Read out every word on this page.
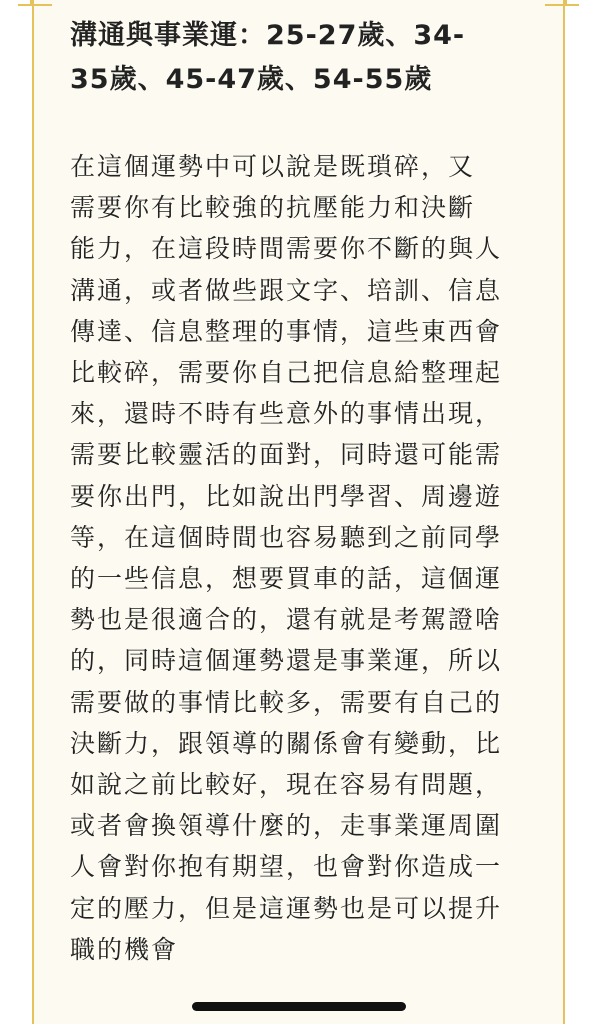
溝通與事業運：25-27歲、34-
35歲、45-47歲、54-55歲
在這個運勢中可以說是既瑣碎，又
需要你有比較強的抗壓能力和決斷
能力，在這段時間需要你不斷的與人
溝通，或者做些跟文字、培訓、信息
傳達、信息整理的事情，這些東西會
比較碎，需要你自己把信息給整理起
來，還時不時有些意外的事情出現，
需要比較靈活的面對，同時還可能需
要你出門，比如說出門學習、周邊遊
等，在這個時間也容易聽到之前同學
的一些信息，想要買車的話，這個運
勢也是很適合的，還有就是考駕證啥
的，同時這個運勢還是事業運，所以
需要做的事情比較多，需要有自己的
決斷力，跟領導的關係會有變動，比
如說之前比較好，現在容易有問題，
或者會換領導什麼的，走事業運周圍
人會對你抱有期望，也會對你造成一
定的壓力，但是這運勢也是可以提升
職的機會
